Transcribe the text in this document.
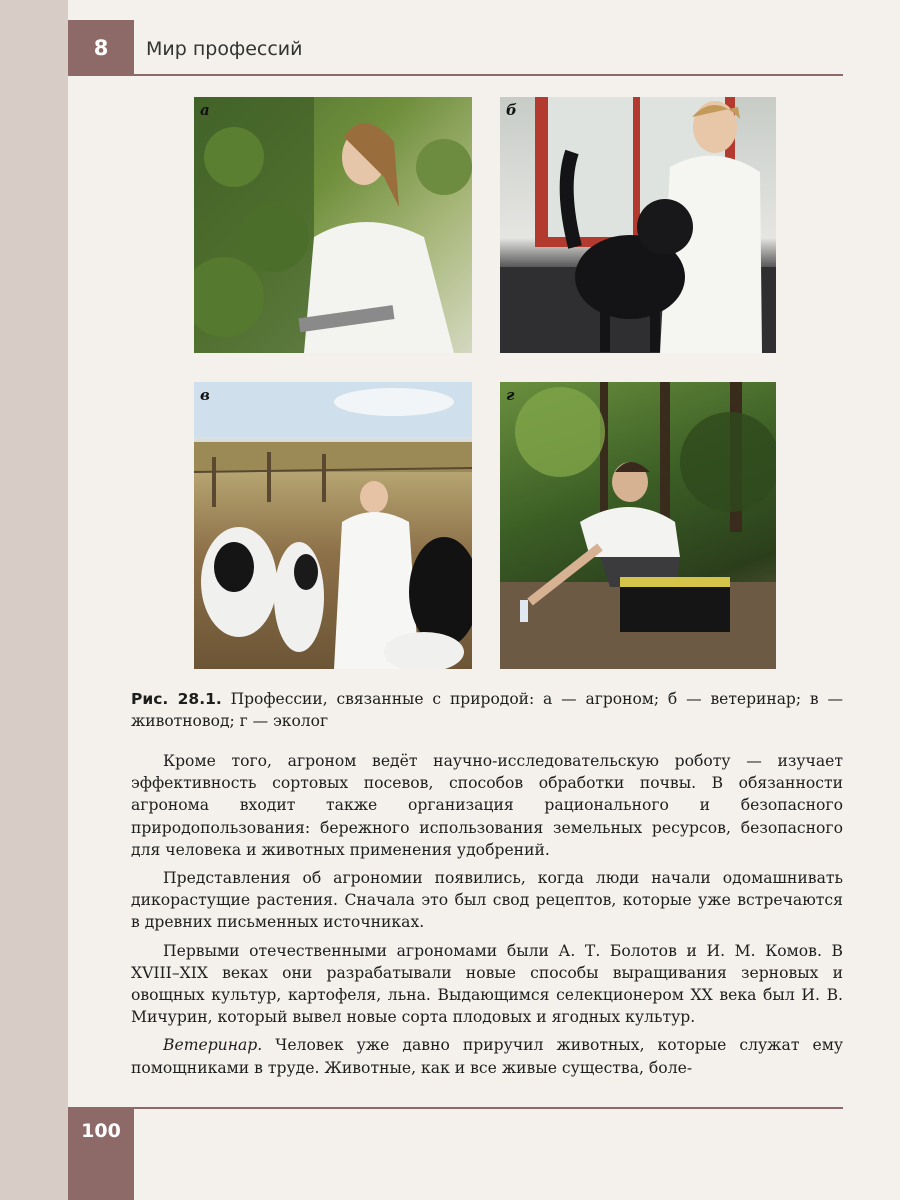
8 Мир профессий
а	б
в	г
Рис. 28.1. Профессии, связанные с природой: а — агроном; б — ветеринар; в — животновод; г — эколог

Кроме того, агроном ведёт научно-исследовательскую роботу — изучает эффективность сортовых посевов, способов обработки почвы. В обязанности агронома входит также организация рационального и безопасного природопользования: бережного использования земельных ресурсов, безопасного для человека и животных применения удобрений.

Представления об агрономии появились, когда люди начали одомашнивать дикорастущие растения. Сначала это был свод рецептов, которые уже встречаются в древних письменных источниках.

Первыми отечественными агрономами были А. Т. Болотов и И. М. Комов. В XVIII–XIX веках они разрабатывали новые способы выращивания зерновых и овощных культур, картофеля, льна. Выдающимся селекционером XX века был И. В. Мичурин, который вывел новые сорта плодовых и ягодных культур.

Ветеринар. Человек уже давно приручил животных, которые служат ему помощниками в труде. Животные, как и все живые существа, боле-

100
